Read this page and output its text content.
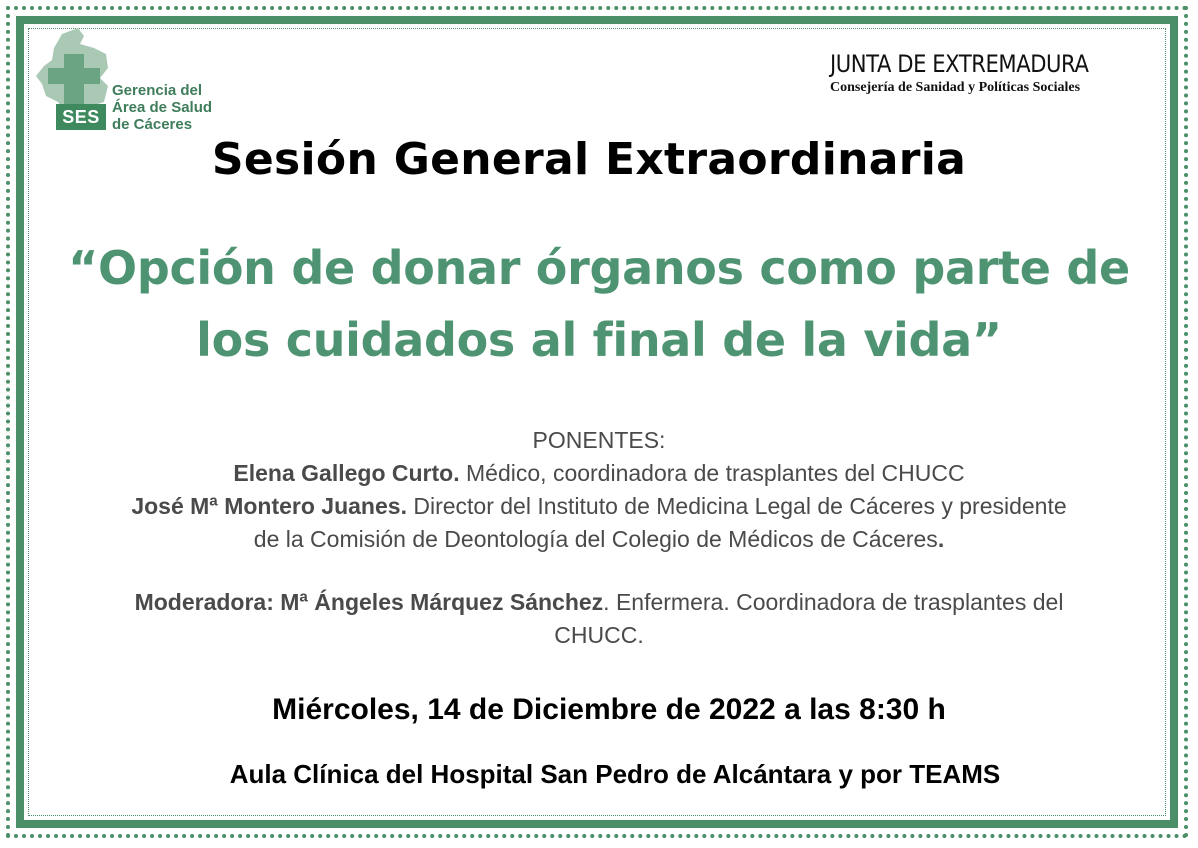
SES
Gerencia del
Área de Salud
de Cáceres
JUNTA DE EXTREMADURA
Consejería de Sanidad y Políticas Sociales
Sesión General Extraordinaria
“Opción de donar órganos como parte de
los cuidados al final de la vida”
PONENTES:
Elena Gallego Curto. Médico, coordinadora de trasplantes del CHUCC
José Mª Montero Juanes. Director del Instituto de Medicina Legal de Cáceres y presidente
de la Comisión de Deontología del Colegio de Médicos de Cáceres.
Moderadora: Mª Ángeles Márquez Sánchez. Enfermera. Coordinadora de trasplantes del
CHUCC.
Miércoles, 14 de Diciembre de 2022 a las 8:30 h
Aula Clínica del Hospital San Pedro de Alcántara y por TEAMS
